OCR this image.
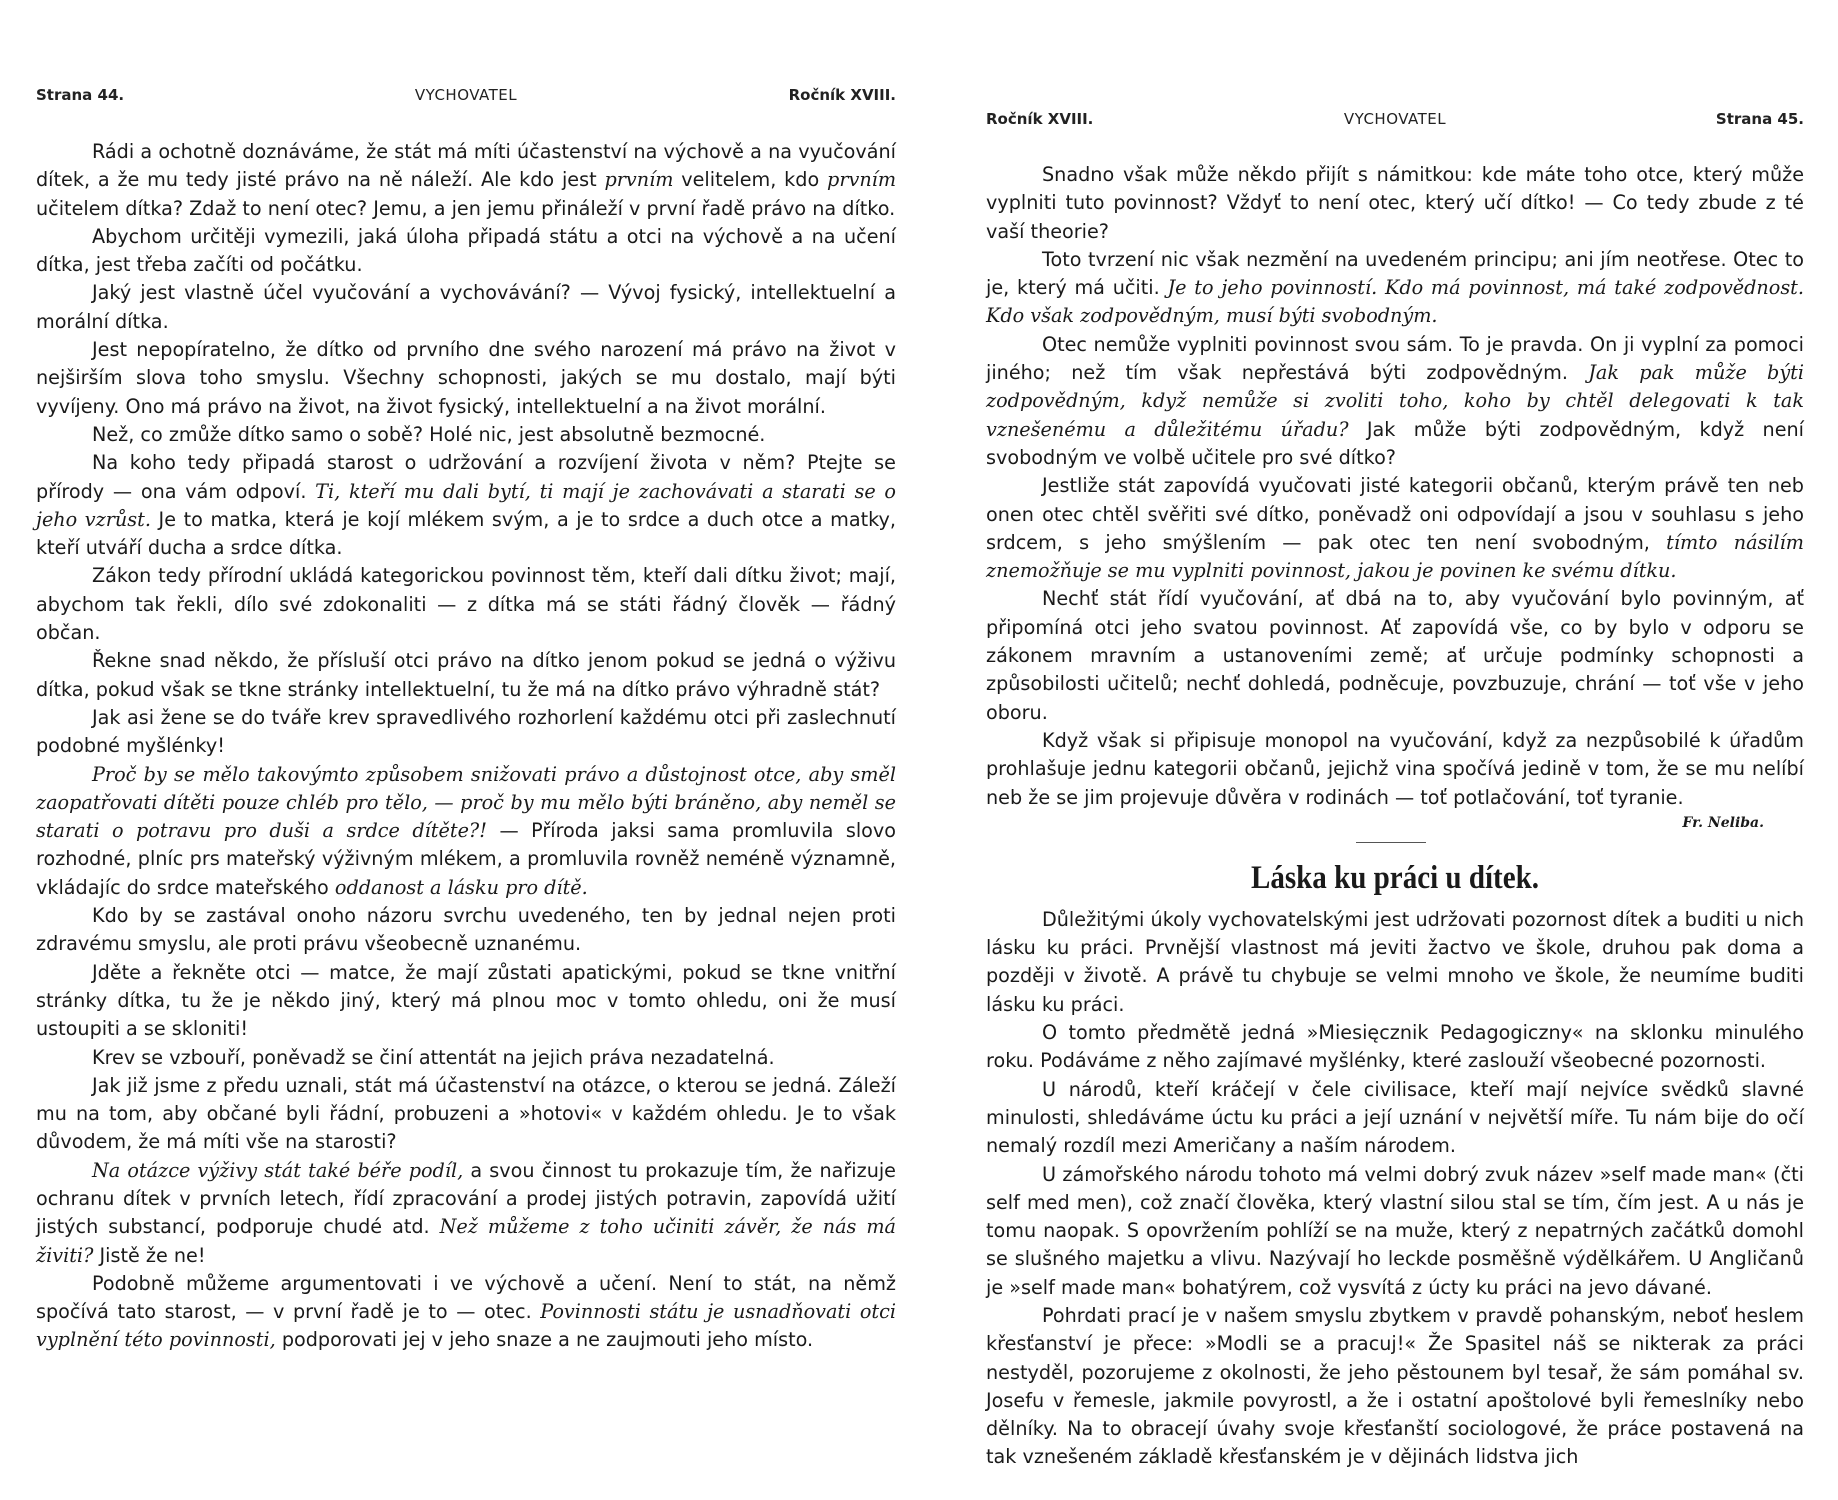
Strana 44.	VYCHOVATEL	Ročník XVIII.

Rádi a ochotně doznáváme, že stát má míti účastenství na výchově a na vyučování dítek, a že mu tedy jisté právo na ně náleží. Ale kdo jest prvním velitelem, kdo prvním učitelem dítka? Zdaž to není otec? Jemu, a jen jemu přináleží v první řadě právo na dítko.

Abychom určitěji vymezili, jaká úloha připadá státu a otci na výchově a na učení dítka, jest třeba začíti od počátku.

Jaký jest vlastně účel vyučování a vychovávání? — Vývoj fysický, intellektuelní a morální dítka.

Jest nepopíratelno, že dítko od prvního dne svého narození má právo na život v nejširším slova toho smyslu. Všechny schopnosti, jakých se mu dostalo, mají býti vyvíjeny. Ono má právo na život, na život fysický, intellektuelní a na život morální.

Než, co zmůže dítko samo o sobě? Holé nic, jest absolutně bezmocné.

Na koho tedy připadá starost o udržování a rozvíjení života v něm? Ptejte se přírody — ona vám odpoví. Ti, kteří mu dali bytí, ti mají je zachovávati a starati se o jeho vzrůst. Je to matka, která je kojí mlékem svým, a je to srdce a duch otce a matky, kteří utváří ducha a srdce dítka.

Zákon tedy přírodní ukládá kategorickou povinnost těm, kteří dali dítku život; mají, abychom tak řekli, dílo své zdokonaliti — z dítka má se státi řádný člověk — řádný občan.

Řekne snad někdo, že přísluší otci právo na dítko jenom pokud se jedná o výživu dítka, pokud však se tkne stránky intellektuelní, tu že má na dítko právo výhradně stát?

Jak asi žene se do tváře krev spravedlivého rozhorlení každému otci při zaslechnutí podobné myšlénky!

Proč by se mělo takovýmto způsobem snižovati právo a důstojnost otce, aby směl zaopatřovati dítěti pouze chléb pro tělo, — proč by mu mělo býti bráněno, aby neměl se starati o potravu pro duši a srdce dítěte?! — Příroda jaksi sama promluvila slovo rozhodné, plníc prs mateřský výživným mlékem, a promluvila rovněž neméně významně, vkládajíc do srdce mateřského oddanost a lásku pro dítě.

Kdo by se zastával onoho názoru svrchu uvedeného, ten by jednal nejen proti zdravému smyslu, ale proti právu všeobecně uznanému.

Jděte a řekněte otci — matce, že mají zůstati apatickými, pokud se tkne vnitřní stránky dítka, tu že je někdo jiný, který má plnou moc v tomto ohledu, oni že musí ustoupiti a se skloniti!

Krev se vzbouří, poněvadž se činí attentát na jejich práva nezadatelná.

Jak již jsme z předu uznali, stát má účastenství na otázce, o kterou se jedná. Záleží mu na tom, aby občané byli řádní, probuzeni a »hotovi« v každém ohledu. Je to však důvodem, že má míti vše na starosti?

Na otázce výživy stát také béře podíl, a svou činnost tu prokazuje tím, že nařizuje ochranu dítek v prvních letech, řídí zpracování a prodej jistých potravin, zapovídá užití jistých substancí, podporuje chudé atd. Než můžeme z toho učiniti závěr, že nás má živiti? Jistě že ne!

Podobně můžeme argumentovati i ve výchově a učení. Není to stát, na němž spočívá tato starost, — v první řadě je to — otec. Povinnosti státu je usnadňovati otci vyplnění této povinnosti, podporovati jej v jeho snaze a ne zaujmouti jeho místo.

Ročník XVIII.	VYCHOVATEL	Strana 45.

Snadno však může někdo přijít s námitkou: kde máte toho otce, který může vyplniti tuto povinnost? Vždyť to není otec, který učí dítko! — Co tedy zbude z té vaší theorie?

Toto tvrzení nic však nezmění na uvedeném principu; ani jím neotřese. Otec to je, který má učiti. Je to jeho povinností. Kdo má povinnost, má také zodpovědnost. Kdo však zodpovědným, musí býti svobodným.

Otec nemůže vyplniti povinnost svou sám. To je pravda. On ji vyplní za pomoci jiného; než tím však nepřestává býti zodpovědným. Jak pak může býti zodpovědným, když nemůže si zvoliti toho, koho by chtěl delegovati k tak vznešenému a důležitému úřadu? Jak může býti zodpovědným, když není svobodným ve volbě učitele pro své dítko?

Jestliže stát zapovídá vyučovati jisté kategorii občanů, kterým právě ten neb onen otec chtěl svěřiti své dítko, poněvadž oni odpovídají a jsou v souhlasu s jeho srdcem, s jeho smýšlením — pak otec ten není svobodným, tímto násilím znemožňuje se mu vyplniti povinnost, jakou je povinen ke svému dítku.

Nechť stát řídí vyučování, ať dbá na to, aby vyučování bylo povinným, ať připomíná otci jeho svatou povinnost. Ať zapovídá vše, co by bylo v odporu se zákonem mravním a ustanoveními země; ať určuje podmínky schopnosti a způsobilosti učitelů; nechť dohledá, podněcuje, povzbuzuje, chrání — toť vše v jeho oboru.

Když však si připisuje monopol na vyučování, když za nezpůsobilé k úřadům prohlašuje jednu kategorii občanů, jejichž vina spočívá jedině v tom, že se mu nelíbí neb že se jim projevuje důvěra v rodinách — toť potlačování, toť tyranie.

Fr. Neliba.
Láska ku práci u dítek.

Důležitými úkoly vychovatelskými jest udržovati pozornost dítek a buditi u nich lásku ku práci. Prvnější vlastnost má jeviti žactvo ve škole, druhou pak doma a později v životě. A právě tu chybuje se velmi mnoho ve škole, že neumíme buditi lásku ku práci.

O tomto předmětě jedná »Miesięcznik Pedagogiczny« na sklonku minulého roku. Podáváme z něho zajímavé myšlénky, které zaslouží všeobecné pozornosti.

U národů, kteří kráčejí v čele civilisace, kteří mají nejvíce svědků slavné minulosti, shledáváme úctu ku práci a její uznání v největší míře. Tu nám bije do očí nemalý rozdíl mezi Američany a naším národem.

U zámořského národu tohoto má velmi dobrý zvuk název »self made man« (čti self med men), což značí člověka, který vlastní silou stal se tím, čím jest. A u nás je tomu naopak. S opovržením pohlíží se na muže, který z nepatrných začátků domohl se slušného majetku a vlivu. Nazývají ho leckde posměšně výdělkářem. U Angličanů je »self made man« bohatýrem, což vysvítá z úcty ku práci na jevo dávané.

Pohrdati prací je v našem smyslu zbytkem v pravdě pohanským, neboť heslem křesťanství je přece: »Modli se a pracuj!« Že Spasitel náš se nikterak za práci nestyděl, pozorujeme z okolnosti, že jeho pěstounem byl tesař, že sám pomáhal sv. Josefu v řemesle, jakmile povyrostl, a že i ostatní apoštolové byli řemeslníky nebo dělníky. Na to obracejí úvahy svoje křesťanští sociologové, že práce postavená na tak vznešeném základě křesťanském je v dějinách lidstva jich
